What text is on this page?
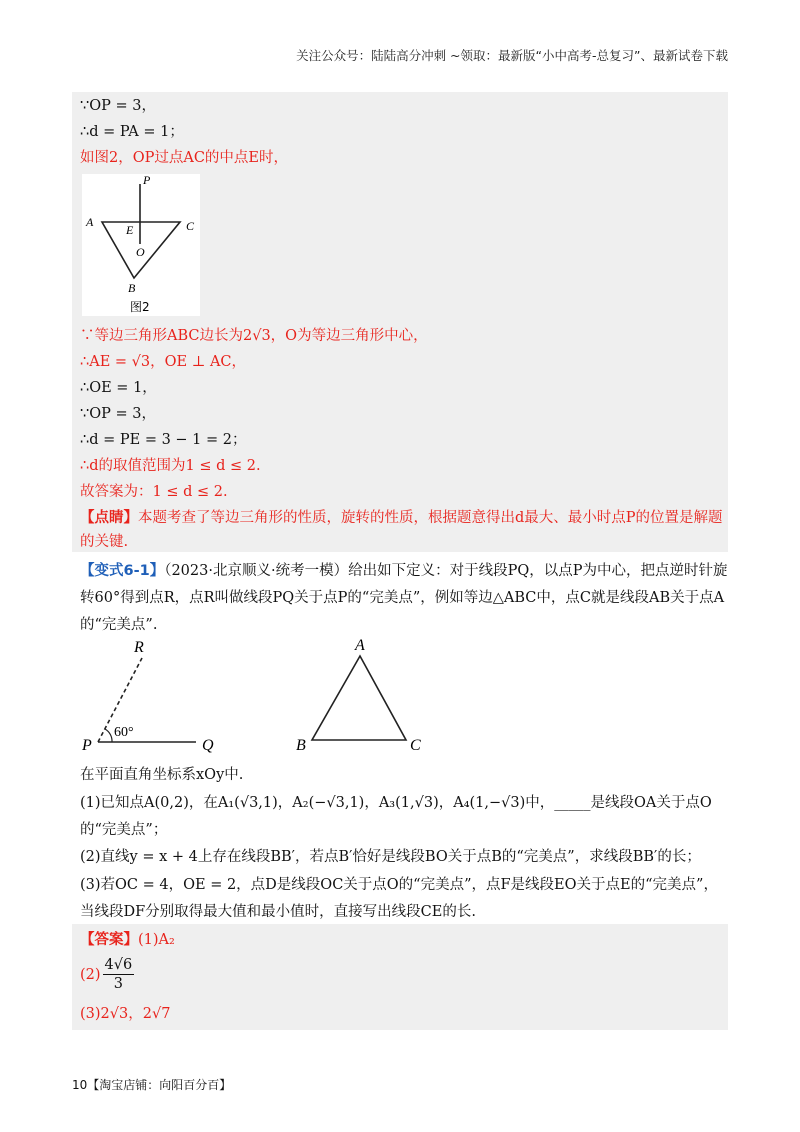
关注公众号：陆陆高分冲刺 ~领取：最新版“小中高考-总复习”、最新试卷下载
∵OP = 3，
∴d = PA = 1；
如图2，OP过点AC的中点E时，
P
A	C
E
O
B
图2
∵等边三角形ABC边长为2√3，O为等边三角形中心，
∴AE = √3，OE ⊥ AC，
∴OE = 1，
∵OP = 3，
∴d = PE = 3 − 1 = 2；
∴d的取值范围为1 ≤ d ≤ 2.
故答案为：1 ≤ d ≤ 2.
【点睛】本题考查了等边三角形的性质，旋转的性质，根据题意得出d最大、最小时点P的位置是解题的关键.
【变式6-1】（2023·北京顺义·统考一模）给出如下定义：对于线段PQ，以点P为中心，把点逆时针旋转60°得到点R，点R叫做线段PQ关于点P的“完美点”，例如等边△ABC中，点C就是线段AB关于点A的“完美点”.
R
P	Q
60°
A
B	C
在平面直角坐标系xOy中.
(1)已知点A(0,2)，在A₁(√3,1)，A₂(−√3,1)，A₃(1,√3)，A₄(1,−√3)中，_____是线段OA关于点O的“完美点”；
(2)直线y = x + 4上存在线段BB′，若点B′恰好是线段BO关于点B的“完美点”，求线段BB′的长；
(3)若OC = 4，OE = 2，点D是线段OC关于点O的“完美点”，点F是线段EO关于点E的“完美点”，当线段DF分别取得最大值和最小值时，直接写出线段CE的长.
【答案】(1)A₂
$(2) \frac{4√6}{3}$
(3)2√3，2√7
10【淘宝店铺：向阳百分百】
